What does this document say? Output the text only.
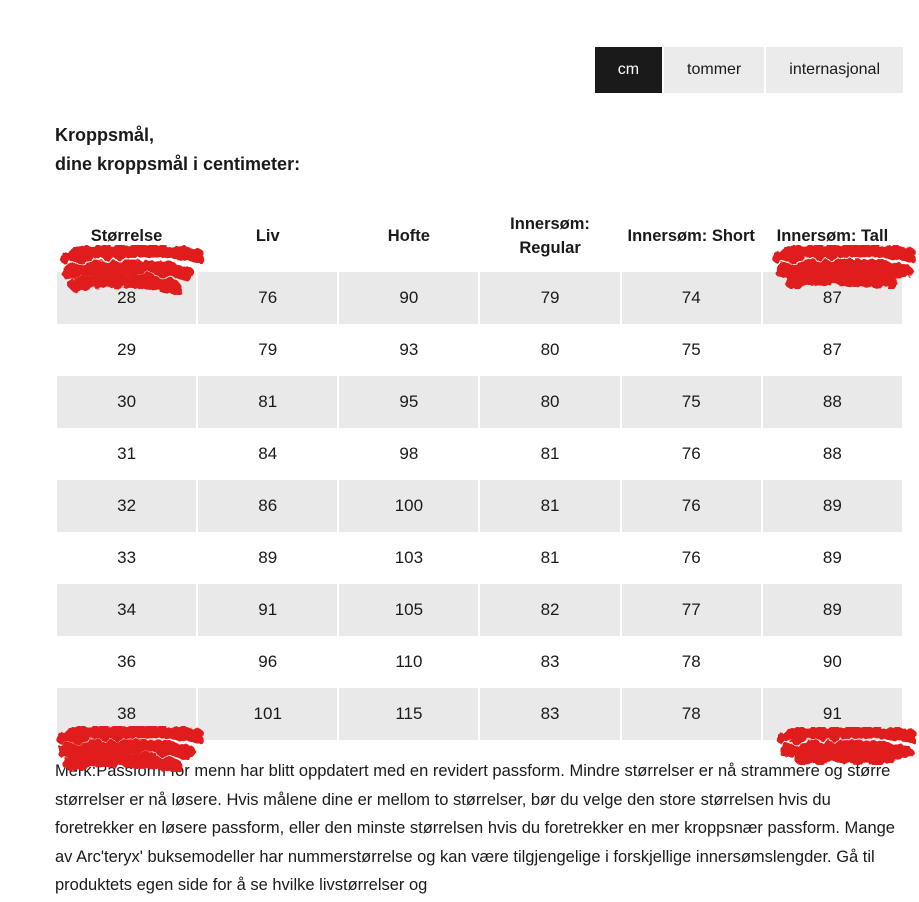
cm	tommer	internasjonal
Kroppsmål,
dine kroppsmål i centimeter:
Størrelse	Liv	Hofte	Innersøm: Regular	Innersøm: Short	Innersøm: Tall
28	76	90	79	74	87
29	79	93	80	75	87
30	81	95	80	75	88
31	84	98	81	76	88
32	86	100	81	76	89
33	89	103	81	76	89
34	91	105	82	77	89
36	96	110	83	78	90
38	101	115	83	78	91
Merk:Passform for menn har blitt oppdatert med en revidert passform. Mindre størrelser er nå strammere og større størrelser er nå løsere. Hvis målene dine er mellom to størrelser, bør du velge den store størrelsen hvis du foretrekker en løsere passform, eller den minste størrelsen hvis du foretrekker en mer kroppsnær passform. Mange av Arc'teryx' buksemodeller har nummerstørrelse og kan være tilgjengelige i forskjellige innersømslengder. Gå til produktets egen side for å se hvilke livstørrelser og
